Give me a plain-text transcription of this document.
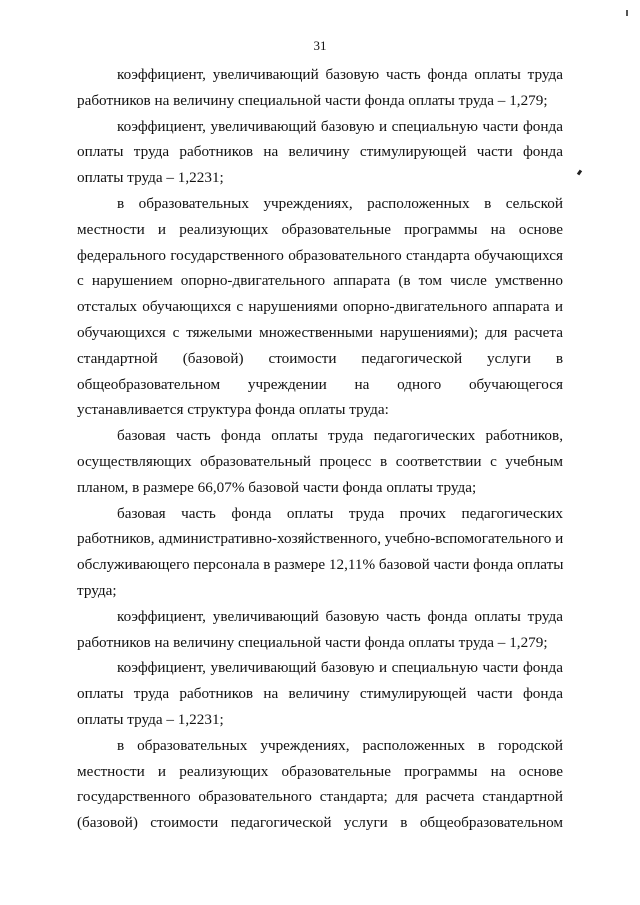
31
коэффициент, увеличивающий базовую часть фонда оплаты труда
работников на величину специальной части фонда оплаты труда – 1,279;
коэффициент, увеличивающий базовую и специальную части фонда
оплаты труда работников на величину стимулирующей части фонда
оплаты труда – 1,2231;
в образовательных учреждениях, расположенных в сельской
местности и реализующих образовательные программы на основе
федерального государственного образовательного стандарта обучающихся
с нарушением опорно-двигательного аппарата (в том числе умственно
отсталых обучающихся с нарушениями опорно-двигательного аппарата и
обучающихся с тяжелыми множественными нарушениями); для расчета
стандартной (базовой) стоимости педагогической услуги в
общеобразовательном учреждении на одного обучающегося
устанавливается структура фонда оплаты труда:
базовая часть фонда оплаты труда педагогических работников,
осуществляющих образовательный процесс в соответствии с учебным
планом, в размере 66,07% базовой части фонда оплаты труда;
базовая часть фонда оплаты труда прочих педагогических
работников, административно-хозяйственного, учебно-вспомогательного и
обслуживающего персонала в размере 12,11% базовой части фонда оплаты
труда;
коэффициент, увеличивающий базовую часть фонда оплаты труда
работников на величину специальной части фонда оплаты труда – 1,279;
коэффициент, увеличивающий базовую и специальную части фонда
оплаты труда работников на величину стимулирующей части фонда
оплаты труда – 1,2231;
в образовательных учреждениях, расположенных в городской
местности и реализующих образовательные программы на основе
государственного образовательного стандарта; для расчета стандартной
(базовой) стоимости педагогической услуги в общеобразовательном
